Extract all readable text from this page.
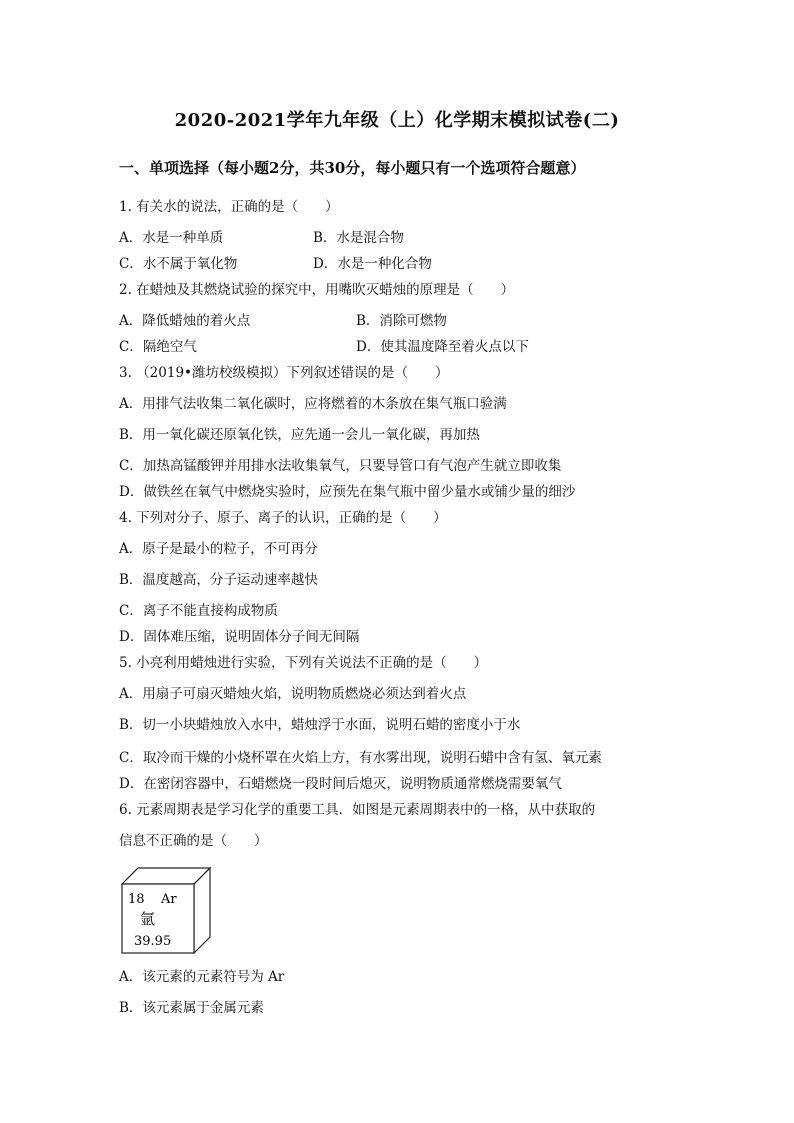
2020-2021学年九年级（上）化学期末模拟试卷(二)
一、单项选择（每小题2分，共30分，每小题只有一个选项符合题意）
1. 有关水的说法，正确的是（　　）
A．水是一种单质	B．水是混合物
C．水不属于氧化物	D．水是一种化合物
2. 在蜡烛及其燃烧试验的探究中，用嘴吹灭蜡烛的原理是（　　）
A．降低蜡烛的着火点	B．消除可燃物
C．隔绝空气	D．使其温度降至着火点以下
3. （2019•潍坊校级模拟）下列叙述错误的是（　　）
A．用排气法收集二氧化碳时，应将燃着的木条放在集气瓶口验满
B．用一氧化碳还原氧化铁，应先通一会儿一氧化碳，再加热
C．加热高锰酸钾并用排水法收集氧气，只要导管口有气泡产生就立即收集
D．做铁丝在氧气中燃烧实验时，应预先在集气瓶中留少量水或铺少量的细沙
4. 下列对分子、原子、离子的认识，正确的是（　　）
A．原子是最小的粒子，不可再分
B．温度越高，分子运动速率越快
C．离子不能直接构成物质
D．固体难压缩，说明固体分子间无间隔
5. 小亮利用蜡烛进行实验，下列有关说法不正确的是（　　）
A．用扇子可扇灭蜡烛火焰，说明物质燃烧必须达到着火点
B．切一小块蜡烛放入水中，蜡烛浮于水面，说明石蜡的密度小于水
C．取冷而干燥的小烧杯罩在火焰上方，有水雾出现，说明石蜡中含有氢、氧元素
D．在密闭容器中，石蜡燃烧一段时间后熄灭，说明物质通常燃烧需要氧气
6. 元素周期表是学习化学的重要工具．如图是元素周期表中的一格，从中获取的
信息不正确的是（　　）
18 Ar
氩
39.95
A．该元素的元素符号为 Ar
B．该元素属于金属元素
